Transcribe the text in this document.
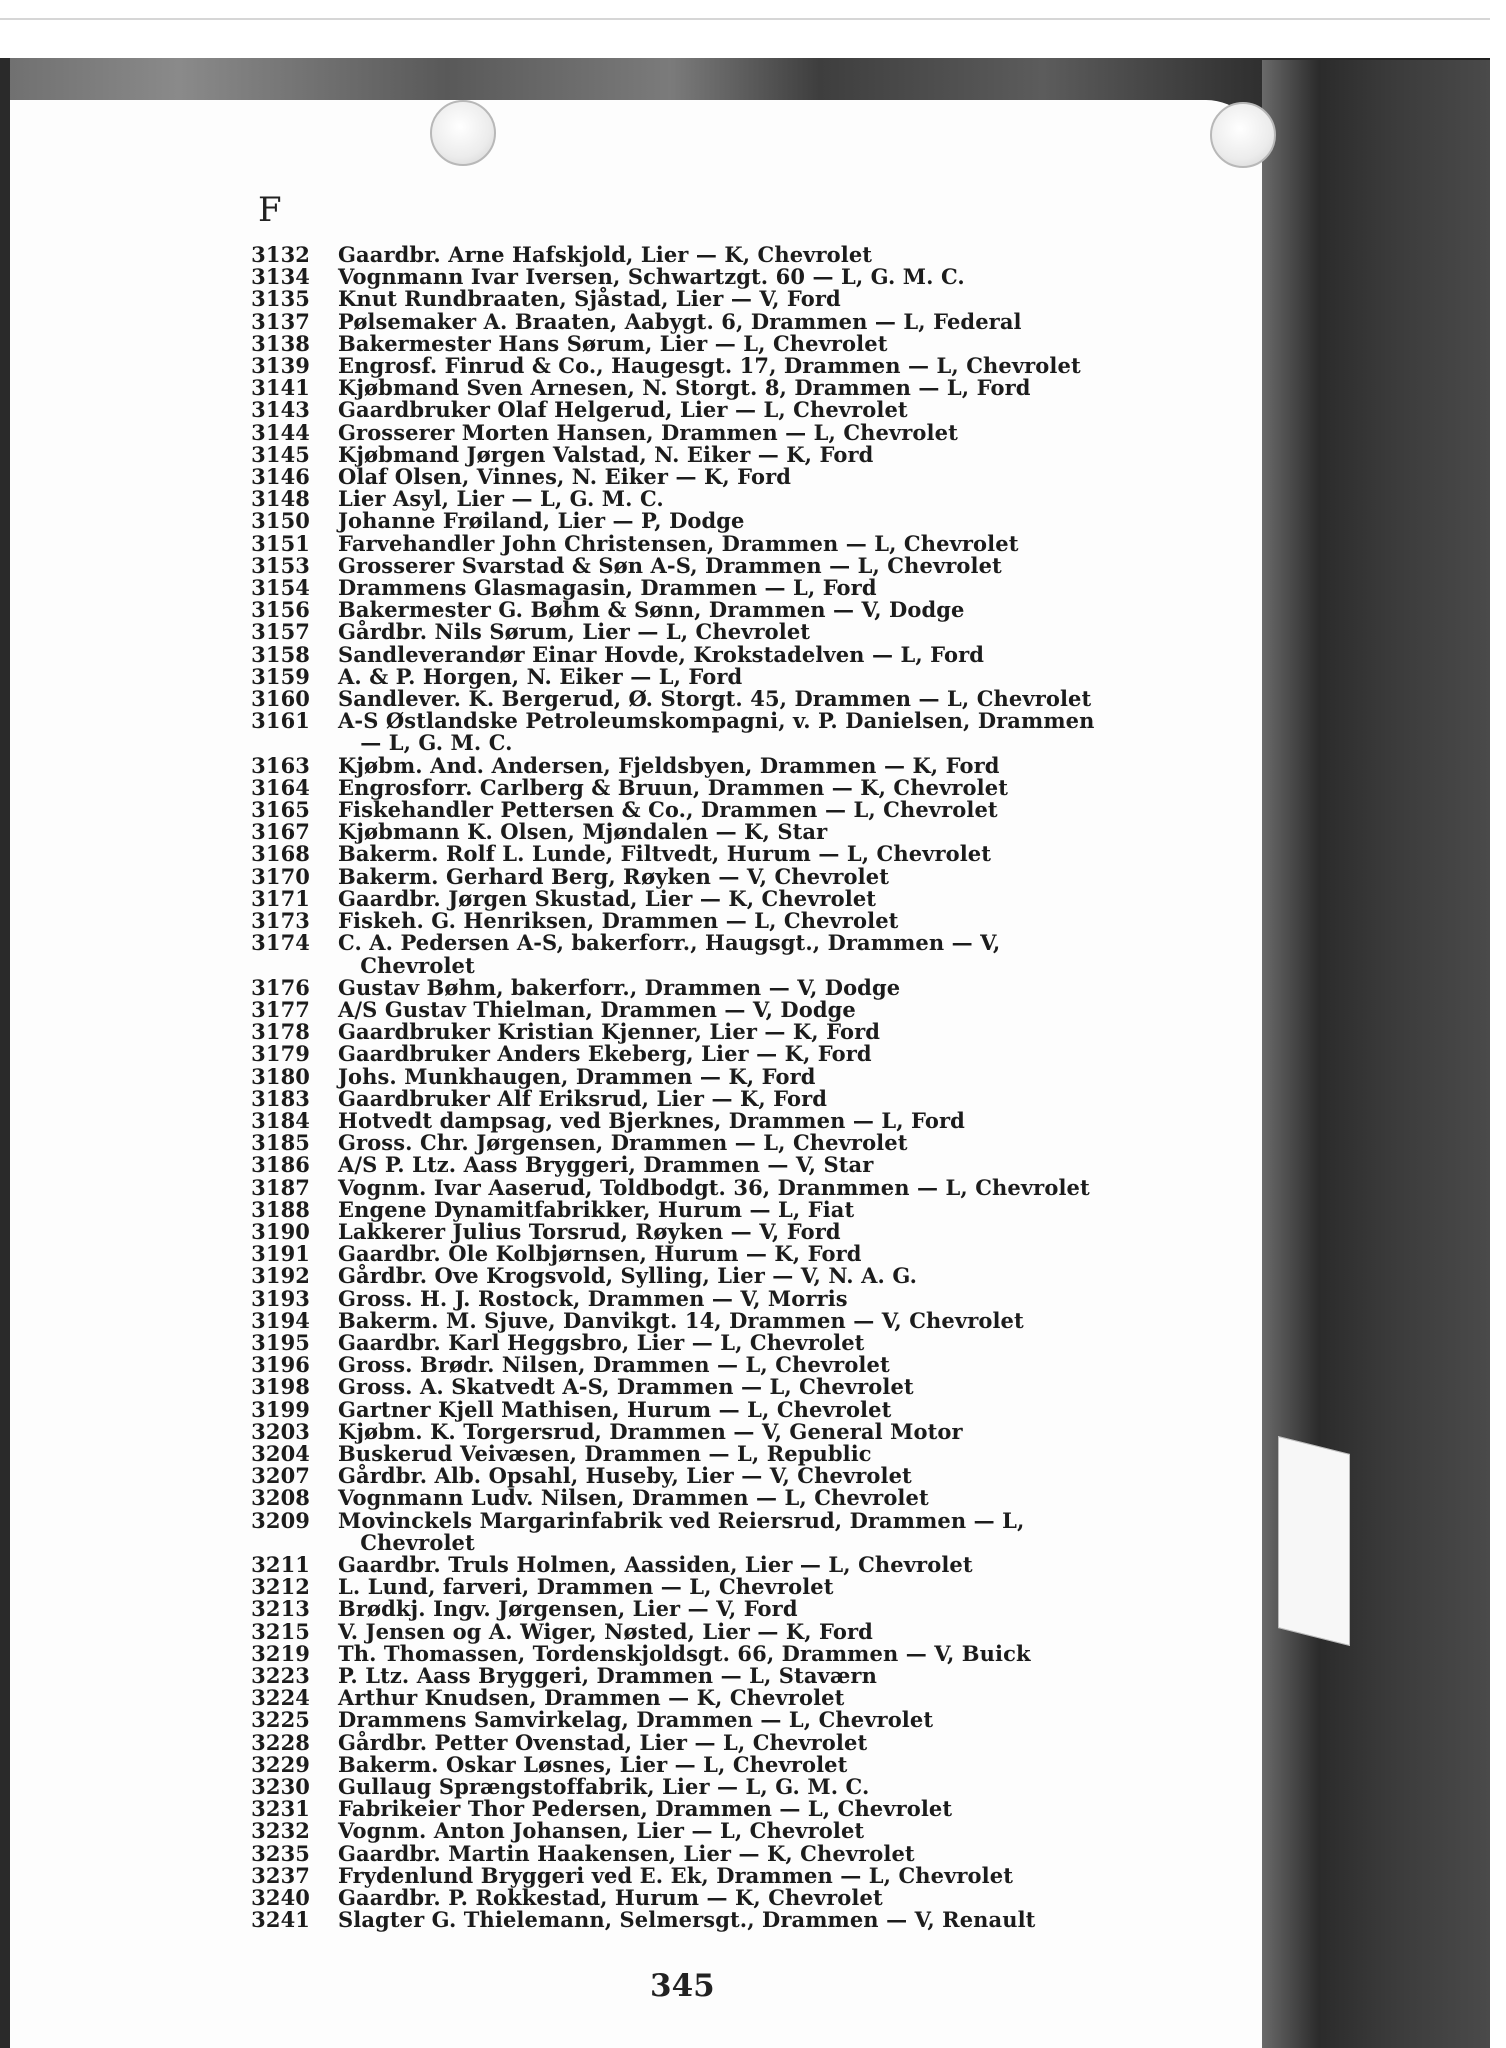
F
3132 Gaardbr. Arne Hafskjold, Lier — K, Chevrolet
3134 Vognmann Ivar Iversen, Schwartzgt. 60 — L, G. M. C.
3135 Knut Rundbraaten, Sjåstad, Lier — V, Ford
3137 Pølsemaker A. Braaten, Aabygt. 6, Drammen — L, Federal
3138 Bakermester Hans Sørum, Lier — L, Chevrolet
3139 Engrosf. Finrud & Co., Haugesgt. 17, Drammen — L, Chevrolet
3141 Kjøbmand Sven Arnesen, N. Storgt. 8, Drammen — L, Ford
3143 Gaardbruker Olaf Helgerud, Lier — L, Chevrolet
3144 Grosserer Morten Hansen, Drammen — L, Chevrolet
3145 Kjøbmand Jørgen Valstad, N. Eiker — K, Ford
3146 Olaf Olsen, Vinnes, N. Eiker — K, Ford
3148 Lier Asyl, Lier — L, G. M. C.
3150 Johanne Frøiland, Lier — P, Dodge
3151 Farvehandler John Christensen, Drammen — L, Chevrolet
3153 Grosserer Svarstad & Søn A-S, Drammen — L, Chevrolet
3154 Drammens Glasmagasin, Drammen — L, Ford
3156 Bakermester G. Bøhm & Sønn, Drammen — V, Dodge
3157 Gårdbr. Nils Sørum, Lier — L, Chevrolet
3158 Sandleverandør Einar Hovde, Krokstadelven — L, Ford
3159 A. & P. Horgen, N. Eiker — L, Ford
3160 Sandlever. K. Bergerud, Ø. Storgt. 45, Drammen — L, Chevrolet
3161 A-S Østlandske Petroleumskompagni, v. P. Danielsen, Drammen
— L, G. M. C.
3163 Kjøbm. And. Andersen, Fjeldsbyen, Drammen — K, Ford
3164 Engrosforr. Carlberg & Bruun, Drammen — K, Chevrolet
3165 Fiskehandler Pettersen & Co., Drammen — L, Chevrolet
3167 Kjøbmann K. Olsen, Mjøndalen — K, Star
3168 Bakerm. Rolf L. Lunde, Filtvedt, Hurum — L, Chevrolet
3170 Bakerm. Gerhard Berg, Røyken — V, Chevrolet
3171 Gaardbr. Jørgen Skustad, Lier — K, Chevrolet
3173 Fiskeh. G. Henriksen, Drammen — L, Chevrolet
3174 C. A. Pedersen A-S, bakerforr., Haugsgt., Drammen — V,
Chevrolet
3176 Gustav Bøhm, bakerforr., Drammen — V, Dodge
3177 A/S Gustav Thielman, Drammen — V, Dodge
3178 Gaardbruker Kristian Kjenner, Lier — K, Ford
3179 Gaardbruker Anders Ekeberg, Lier — K, Ford
3180 Johs. Munkhaugen, Drammen — K, Ford
3183 Gaardbruker Alf Eriksrud, Lier — K, Ford
3184 Hotvedt dampsag, ved Bjerknes, Drammen — L, Ford
3185 Gross. Chr. Jørgensen, Drammen — L, Chevrolet
3186 A/S P. Ltz. Aass Bryggeri, Drammen — V, Star
3187 Vognm. Ivar Aaserud, Toldbodgt. 36, Dranmmen — L, Chevrolet
3188 Engene Dynamitfabrikker, Hurum — L, Fiat
3190 Lakkerer Julius Torsrud, Røyken — V, Ford
3191 Gaardbr. Ole Kolbjørnsen, Hurum — K, Ford
3192 Gårdbr. Ove Krogsvold, Sylling, Lier — V, N. A. G.
3193 Gross. H. J. Rostock, Drammen — V, Morris
3194 Bakerm. M. Sjuve, Danvikgt. 14, Drammen — V, Chevrolet
3195 Gaardbr. Karl Heggsbro, Lier — L, Chevrolet
3196 Gross. Brødr. Nilsen, Drammen — L, Chevrolet
3198 Gross. A. Skatvedt A-S, Drammen — L, Chevrolet
3199 Gartner Kjell Mathisen, Hurum — L, Chevrolet
3203 Kjøbm. K. Torgersrud, Drammen — V, General Motor
3204 Buskerud Veivæsen, Drammen — L, Republic
3207 Gårdbr. Alb. Opsahl, Huseby, Lier — V, Chevrolet
3208 Vognmann Ludv. Nilsen, Drammen — L, Chevrolet
3209 Movinckels Margarinfabrik ved Reiersrud, Drammen — L,
Chevrolet
3211 Gaardbr. Truls Holmen, Aassiden, Lier — L, Chevrolet
3212 L. Lund, farveri, Drammen — L, Chevrolet
3213 Brødkj. Ingv. Jørgensen, Lier — V, Ford
3215 V. Jensen og A. Wiger, Nøsted, Lier — K, Ford
3219 Th. Thomassen, Tordenskjoldsgt. 66, Drammen — V, Buick
3223 P. Ltz. Aass Bryggeri, Drammen — L, Staværn
3224 Arthur Knudsen, Drammen — K, Chevrolet
3225 Drammens Samvirkelag, Drammen — L, Chevrolet
3228 Gårdbr. Petter Ovenstad, Lier — L, Chevrolet
3229 Bakerm. Oskar Løsnes, Lier — L, Chevrolet
3230 Gullaug Sprængstoffabrik, Lier — L, G. M. C.
3231 Fabrikeier Thor Pedersen, Drammen — L, Chevrolet
3232 Vognm. Anton Johansen, Lier — L, Chevrolet
3235 Gaardbr. Martin Haakensen, Lier — K, Chevrolet
3237 Frydenlund Bryggeri ved E. Ek, Drammen — L, Chevrolet
3240 Gaardbr. P. Rokkestad, Hurum — K, Chevrolet
3241 Slagter G. Thielemann, Selmersgt., Drammen — V, Renault
345
